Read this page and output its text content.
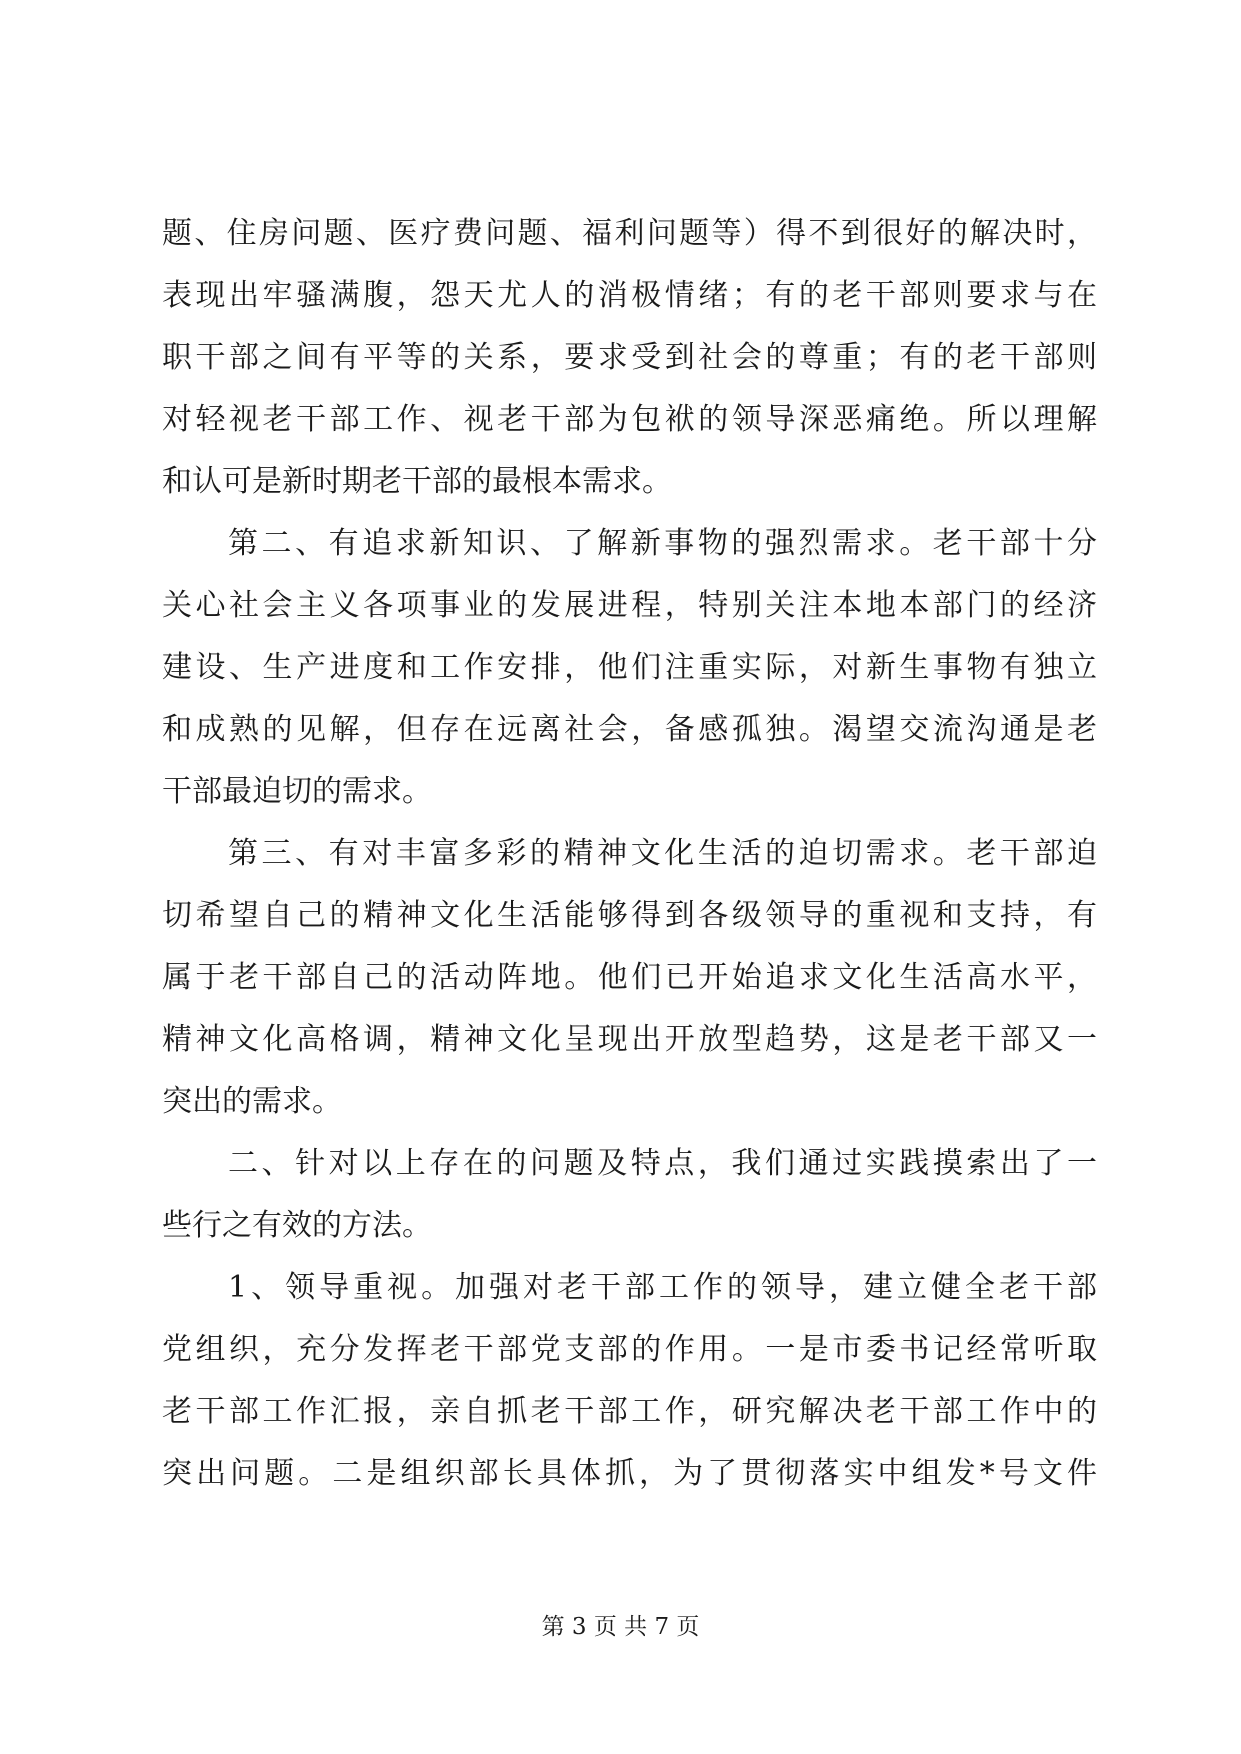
题、住房问题、医疗费问题、福利问题等）得不到很好的解决时，
表现出牢骚满腹，怨天尤人的消极情绪；有的老干部则要求与在
职干部之间有平等的关系，要求受到社会的尊重；有的老干部则
对轻视老干部工作、视老干部为包袱的领导深恶痛绝。所以理解
和认可是新时期老干部的最根本需求。
第二、有追求新知识、了解新事物的强烈需求。老干部十分
关心社会主义各项事业的发展进程，特别关注本地本部门的经济
建设、生产进度和工作安排，他们注重实际，对新生事物有独立
和成熟的见解，但存在远离社会，备感孤独。渴望交流沟通是老
干部最迫切的需求。
第三、有对丰富多彩的精神文化生活的迫切需求。老干部迫
切希望自己的精神文化生活能够得到各级领导的重视和支持，有
属于老干部自己的活动阵地。他们已开始追求文化生活高水平，
精神文化高格调，精神文化呈现出开放型趋势，这是老干部又一
突出的需求。
二、针对以上存在的问题及特点，我们通过实践摸索出了一
些行之有效的方法。
1、领导重视。加强对老干部工作的领导，建立健全老干部
党组织，充分发挥老干部党支部的作用。一是市委书记经常听取
老干部工作汇报，亲自抓老干部工作，研究解决老干部工作中的
突出问题。二是组织部长具体抓，为了贯彻落实中组发*号文件
第 3 页 共 7 页
